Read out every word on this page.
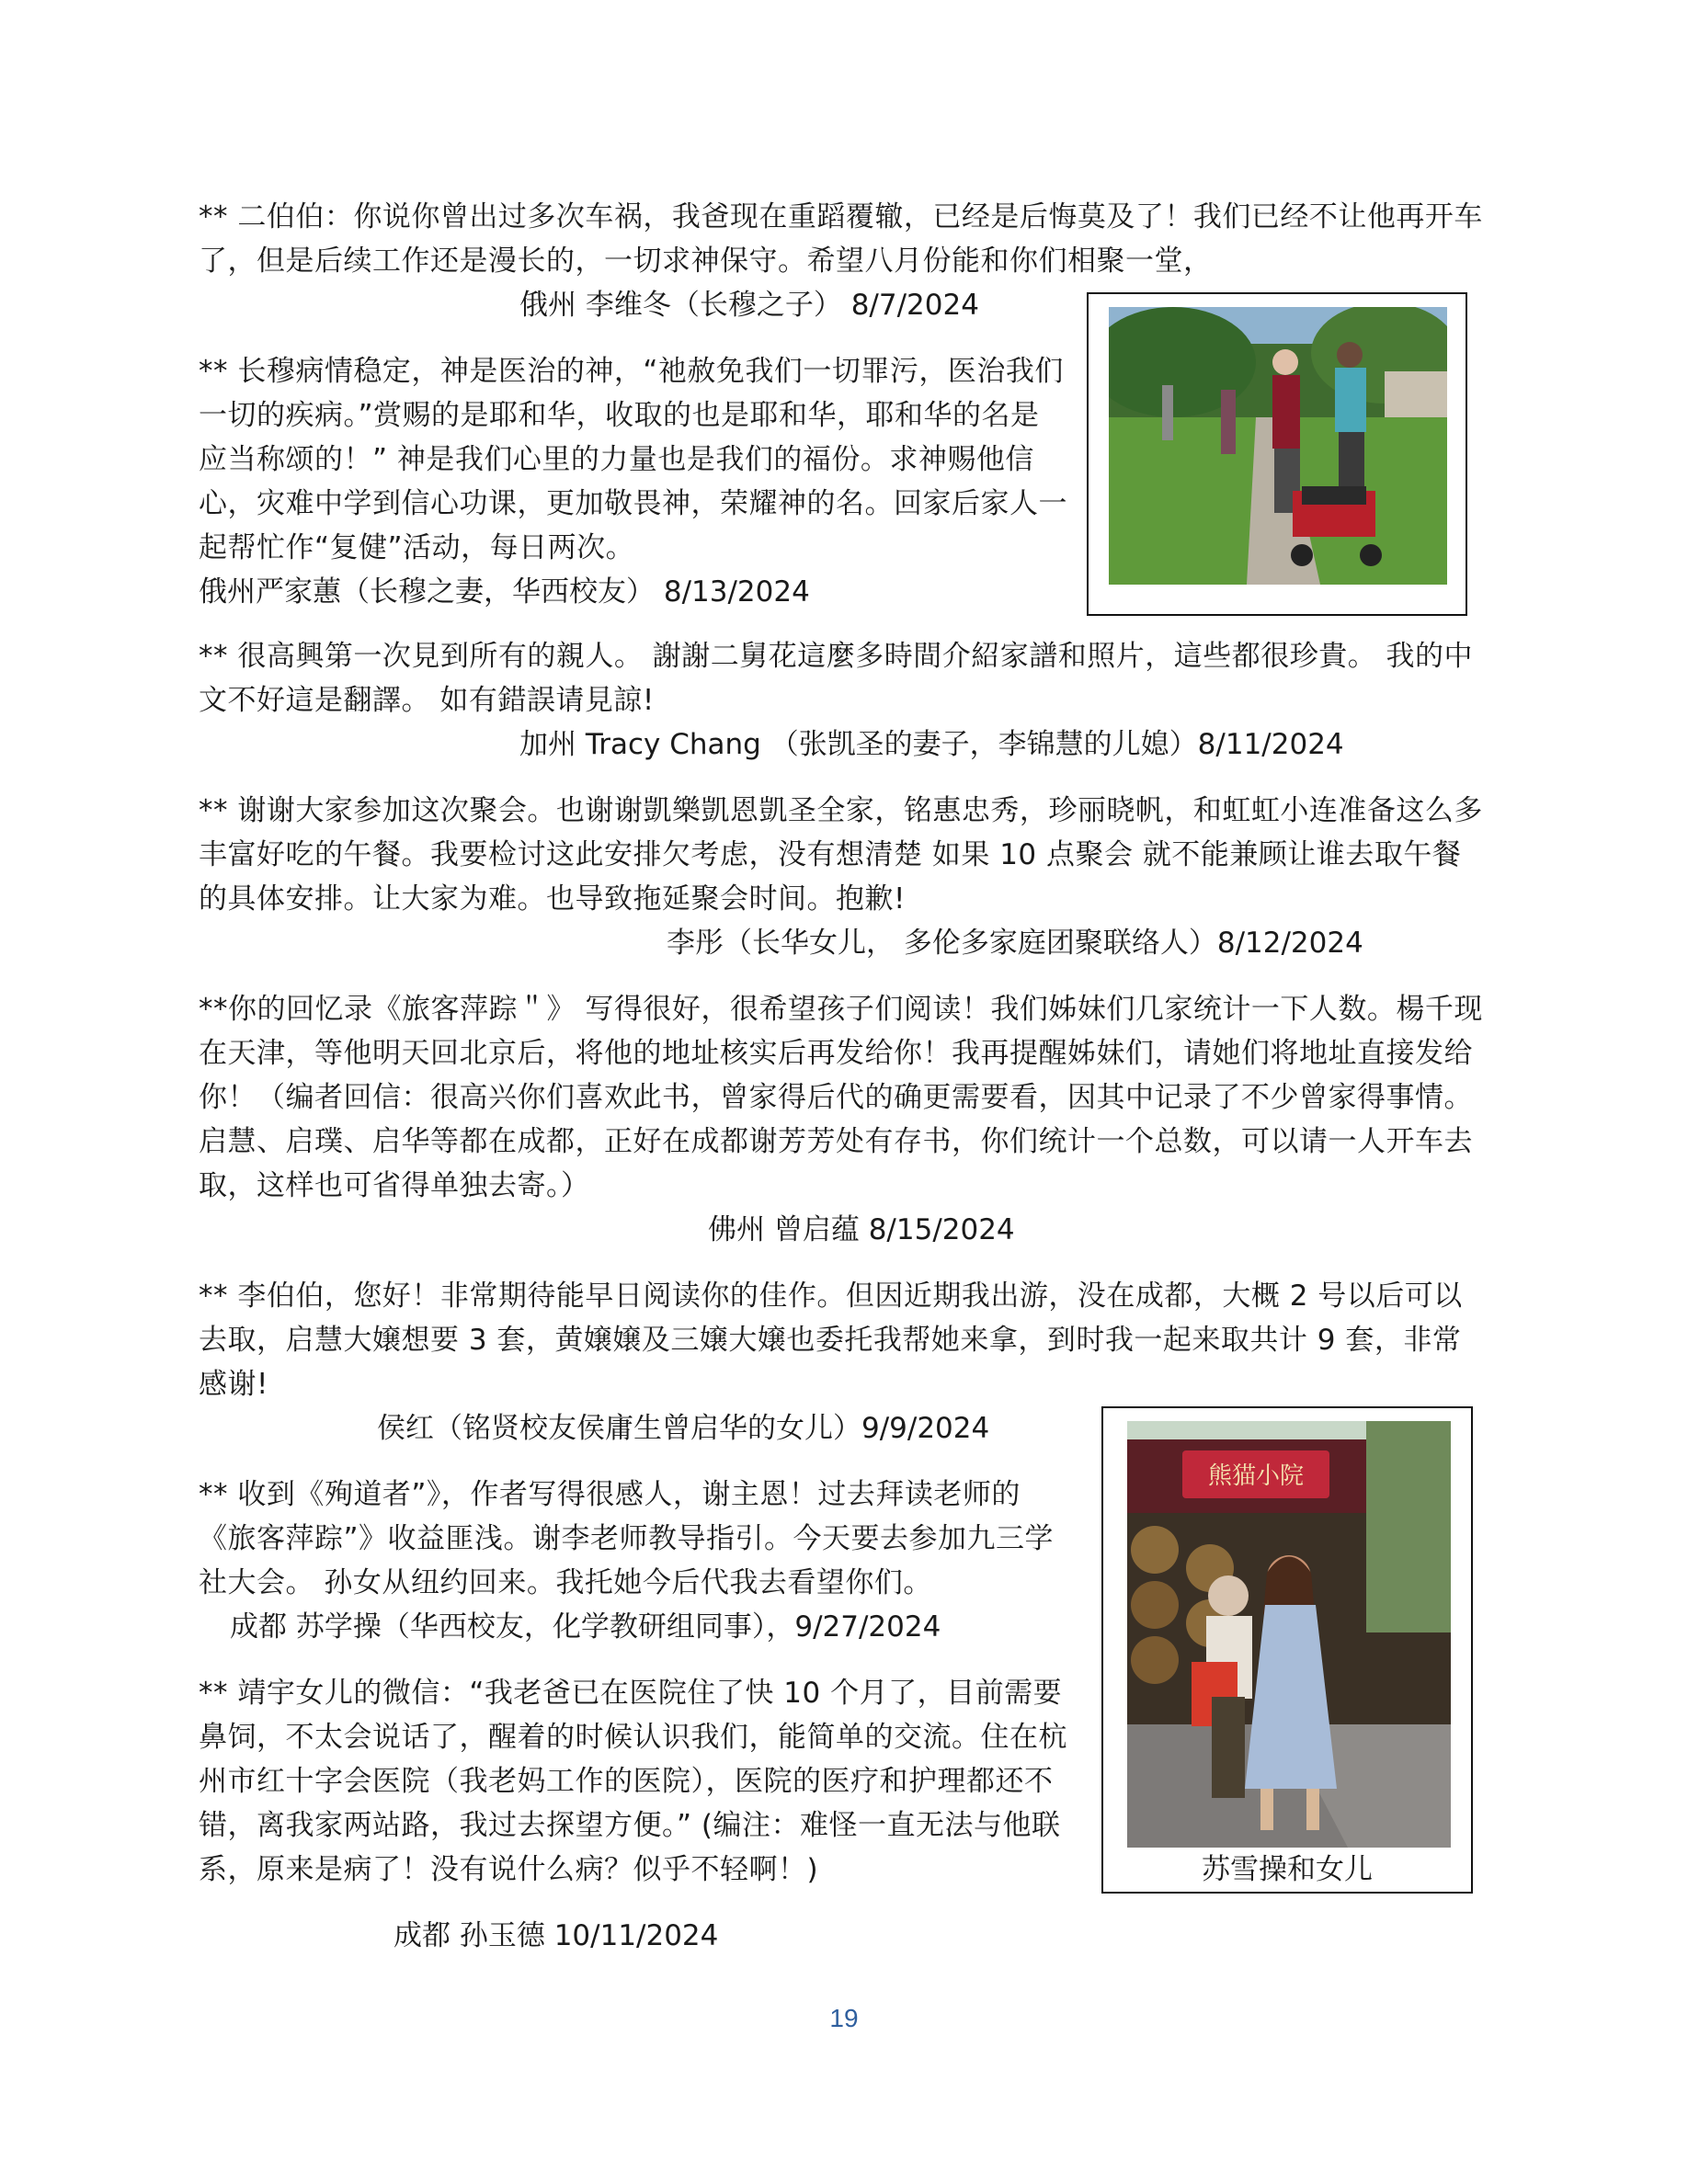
** 二伯伯：你说你曾出过多次车祸，我爸现在重蹈覆辙，已经是后悔莫及了！我们已经不让他再开车了，但是后续工作还是漫长的，一切求神保守。希望八月份能和你们相聚一堂，

俄州 李维冬（长穆之子） 8/7/2024

** 长穆病情稳定，神是医治的神，“祂赦免我们一切罪污，医治我们一切的疾病。”赏赐的是耶和华，收取的也是耶和华，耶和华的名是应当称颂的！” 神是我们心里的力量也是我们的福份。求神赐他信心，灾难中学到信心功课，更加敬畏神，荣耀神的名。回家后家人一起帮忙作“复健”活动，每日两次。

俄州严家蕙（长穆之妻，华西校友） 8/13/2024

** 很高興第一次見到所有的親人。 謝謝二舅花這麼多時間介紹家譜和照片，這些都很珍貴。 我的中文不好這是翻譯。 如有錯誤请見諒!

加州 Tracy Chang （张凯圣的妻子，李锦慧的儿媳）8/11/2024

** 谢谢大家参加这次聚会。也谢谢凱樂凱恩凱圣全家，铭惠忠秀，珍丽晓帆，和虹虹小连准备这么多丰富好吃的午餐。我要检讨这此安排欠考虑，没有想清楚 如果 10 点聚会 就不能兼顾让谁去取午餐的具体安排。让大家为难。也导致拖延聚会时间。抱歉!

李彤（长华女儿， 多伦多家庭团聚联络人）8/12/2024

**你的回忆录《旅客萍踪＂》 写得很好，很希望孩子们阅读！我们姊妹们几家统计一下人数。楊千现在天津，等他明天回北京后，将他的地址核实后再发给你！我再提醒姊妹们，请她们将地址直接发给你！（编者回信：很高兴你们喜欢此书，曾家得后代的确更需要看，因其中记录了不少曾家得事情。启慧、启璞、启华等都在成都，正好在成都谢芳芳处有存书，你们统计一个总数，可以请一人开车去取，这样也可省得单独去寄。）

佛州 曾启蕴 8/15/2024

** 李伯伯，您好！非常期待能早日阅读你的佳作。但因近期我出游，没在成都，大概 2 号以后可以去取，启慧大嬢想要 3 套，黄嬢嬢及三嬢大嬢也委托我帮她来拿，到时我一起来取共计 9 套，非常感谢!

侯红（铭贤校友侯庸生曾启华的女儿）9/9/2024

** 收到《殉道者”》，作者写得很感人，谢主恩！过去拜读老师的《旅客萍踪”》收益匪浅。谢李老师教导指引。今天要去参加九三学社大会。 孙女从纽约回来。我托她今后代我去看望你们。

成都 苏学操（华西校友，化学教研组同事），9/27/2024

** 靖宇女儿的微信：“我老爸已在医院住了快 10 个月了，目前需要鼻饲，不太会说话了，醒着的时候认识我们，能简单的交流。住在杭州市红十字会医院（我老妈工作的医院），医院的医疗和护理都还不错，离我家两站路，我过去探望方便。” (编注：难怪一直无法与他联系，原来是病了！没有说什么病？似乎不轻啊！)

成都 孙玉德 10/11/2024
熊猫小院
苏雪操和女儿
19
